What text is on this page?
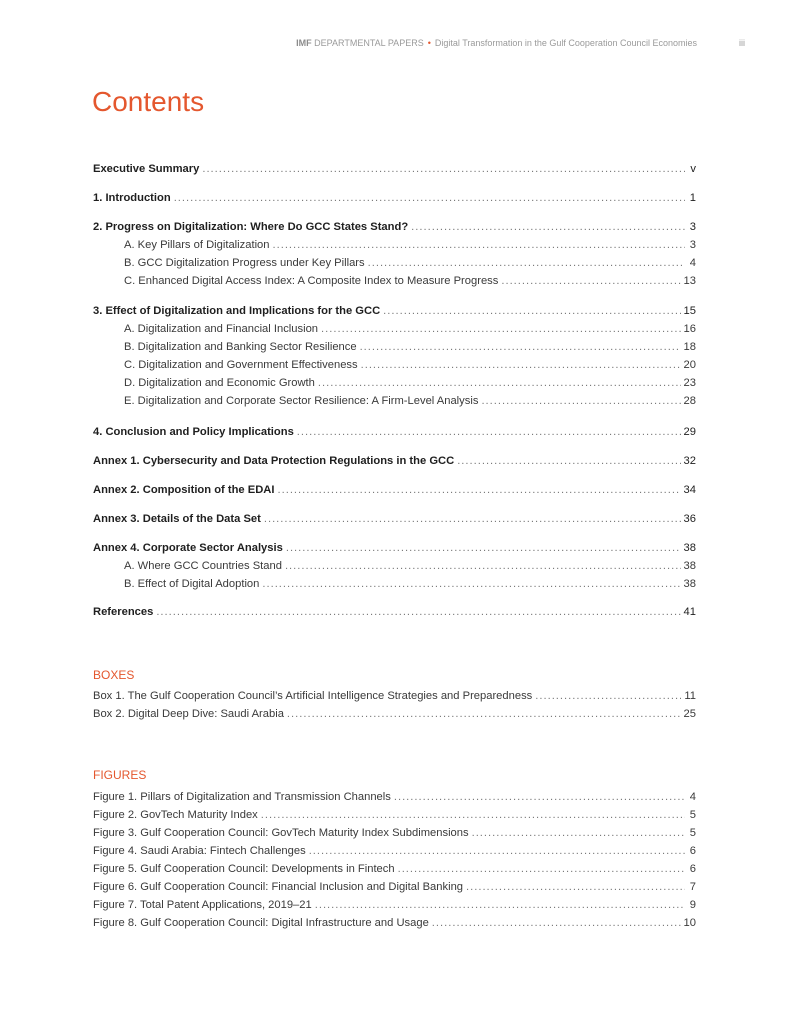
IMF DEPARTMENTAL PAPERS • Digital Transformation in the Gulf Cooperation Council Economies	iii
Contents
Executive Summary .....	v
1. Introduction .....	1
2. Progress on Digitalization: Where Do GCC States Stand? .....	3
A. Key Pillars of Digitalization .....	3
B. GCC Digitalization Progress under Key Pillars .....	4
C. Enhanced Digital Access Index: A Composite Index to Measure Progress .....	13
3. Effect of Digitalization and Implications for the GCC .....	15
A. Digitalization and Financial Inclusion .....	16
B. Digitalization and Banking Sector Resilience .....	18
C. Digitalization and Government Effectiveness .....	20
D. Digitalization and Economic Growth .....	23
E. Digitalization and Corporate Sector Resilience: A Firm-Level Analysis .....	28
4. Conclusion and Policy Implications .....	29
Annex 1. Cybersecurity and Data Protection Regulations in the GCC .....	32
Annex 2. Composition of the EDAI .....	34
Annex 3. Details of the Data Set .....	36
Annex 4. Corporate Sector Analysis .....	38
A. Where GCC Countries Stand .....	38
B. Effect of Digital Adoption .....	38
References .....	41
BOXES
Box 1. The Gulf Cooperation Council’s Artificial Intelligence Strategies and Preparedness .....	11
Box 2. Digital Deep Dive: Saudi Arabia .....	25
FIGURES
Figure 1. Pillars of Digitalization and Transmission Channels .....	4
Figure 2. GovTech Maturity Index .....	5
Figure 3. Gulf Cooperation Council: GovTech Maturity Index Subdimensions .....	5
Figure 4. Saudi Arabia: Fintech Challenges .....	6
Figure 5. Gulf Cooperation Council: Developments in Fintech .....	6
Figure 6. Gulf Cooperation Council: Financial Inclusion and Digital Banking .....	7
Figure 7. Total Patent Applications, 2019–21 .....	9
Figure 8. Gulf Cooperation Council: Digital Infrastructure and Usage .....	10
